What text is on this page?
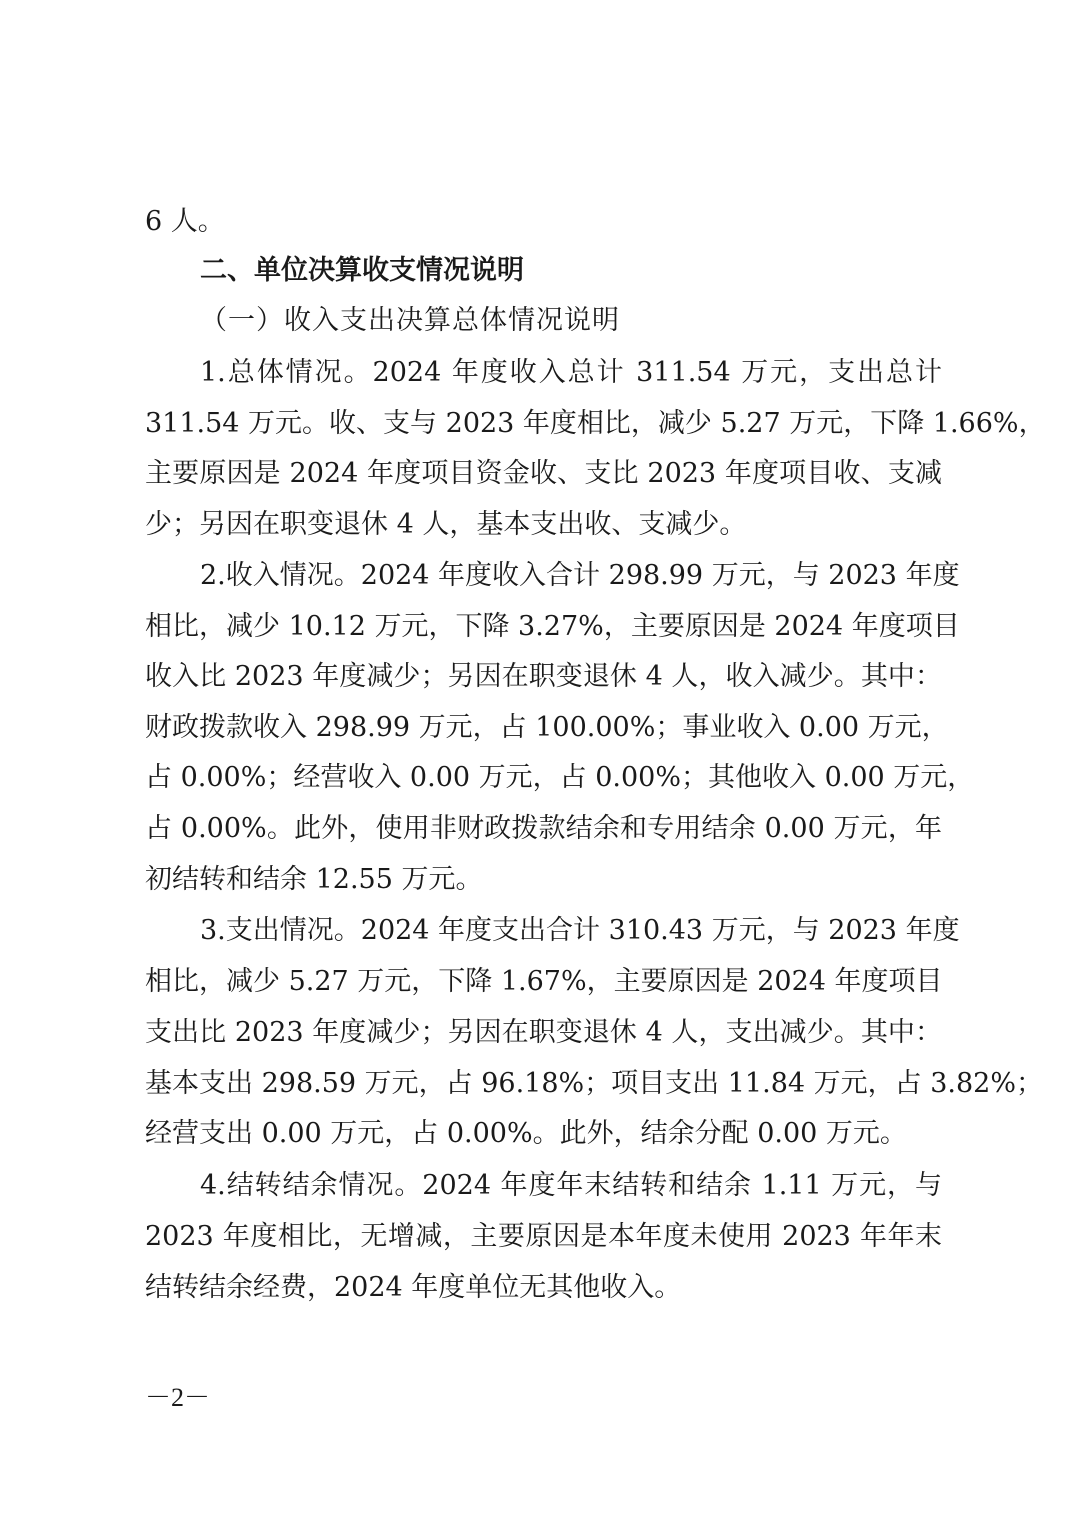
6 人。
二、单位决算收支情况说明
（一）收入支出决算总体情况说明
1.总体情况。2024 年度收入总计 311.54 万元，支出总计
311.54 万元。收、支与 2023 年度相比，减少 5.27 万元，下降 1.66%，
主要原因是 2024 年度项目资金收、支比 2023 年度项目收、支减
少；另因在职变退休 4 人，基本支出收、支减少。
2.收入情况。2024 年度收入合计 298.99 万元，与 2023 年度
相比，减少 10.12 万元，下降 3.27%，主要原因是 2024 年度项目
收入比 2023 年度减少；另因在职变退休 4 人，收入减少。其中：
财政拨款收入 298.99 万元，占 100.00%；事业收入 0.00 万元，
占 0.00%；经营收入 0.00 万元，占 0.00%；其他收入 0.00 万元，
占 0.00%。此外，使用非财政拨款结余和专用结余 0.00 万元，年
初结转和结余 12.55 万元。
3.支出情况。2024 年度支出合计 310.43 万元，与 2023 年度
相比，减少 5.27 万元，下降 1.67%，主要原因是 2024 年度项目
支出比 2023 年度减少；另因在职变退休 4 人，支出减少。其中：
基本支出 298.59 万元，占 96.18%；项目支出 11.84 万元，占 3.82%；
经营支出 0.00 万元，占 0.00%。此外，结余分配 0.00 万元。
4.结转结余情况。2024 年度年末结转和结余 1.11 万元，与
2023 年度相比，无增减，主要原因是本年度未使用 2023 年年末
结转结余经费，2024 年度单位无其他收入。
－2－
